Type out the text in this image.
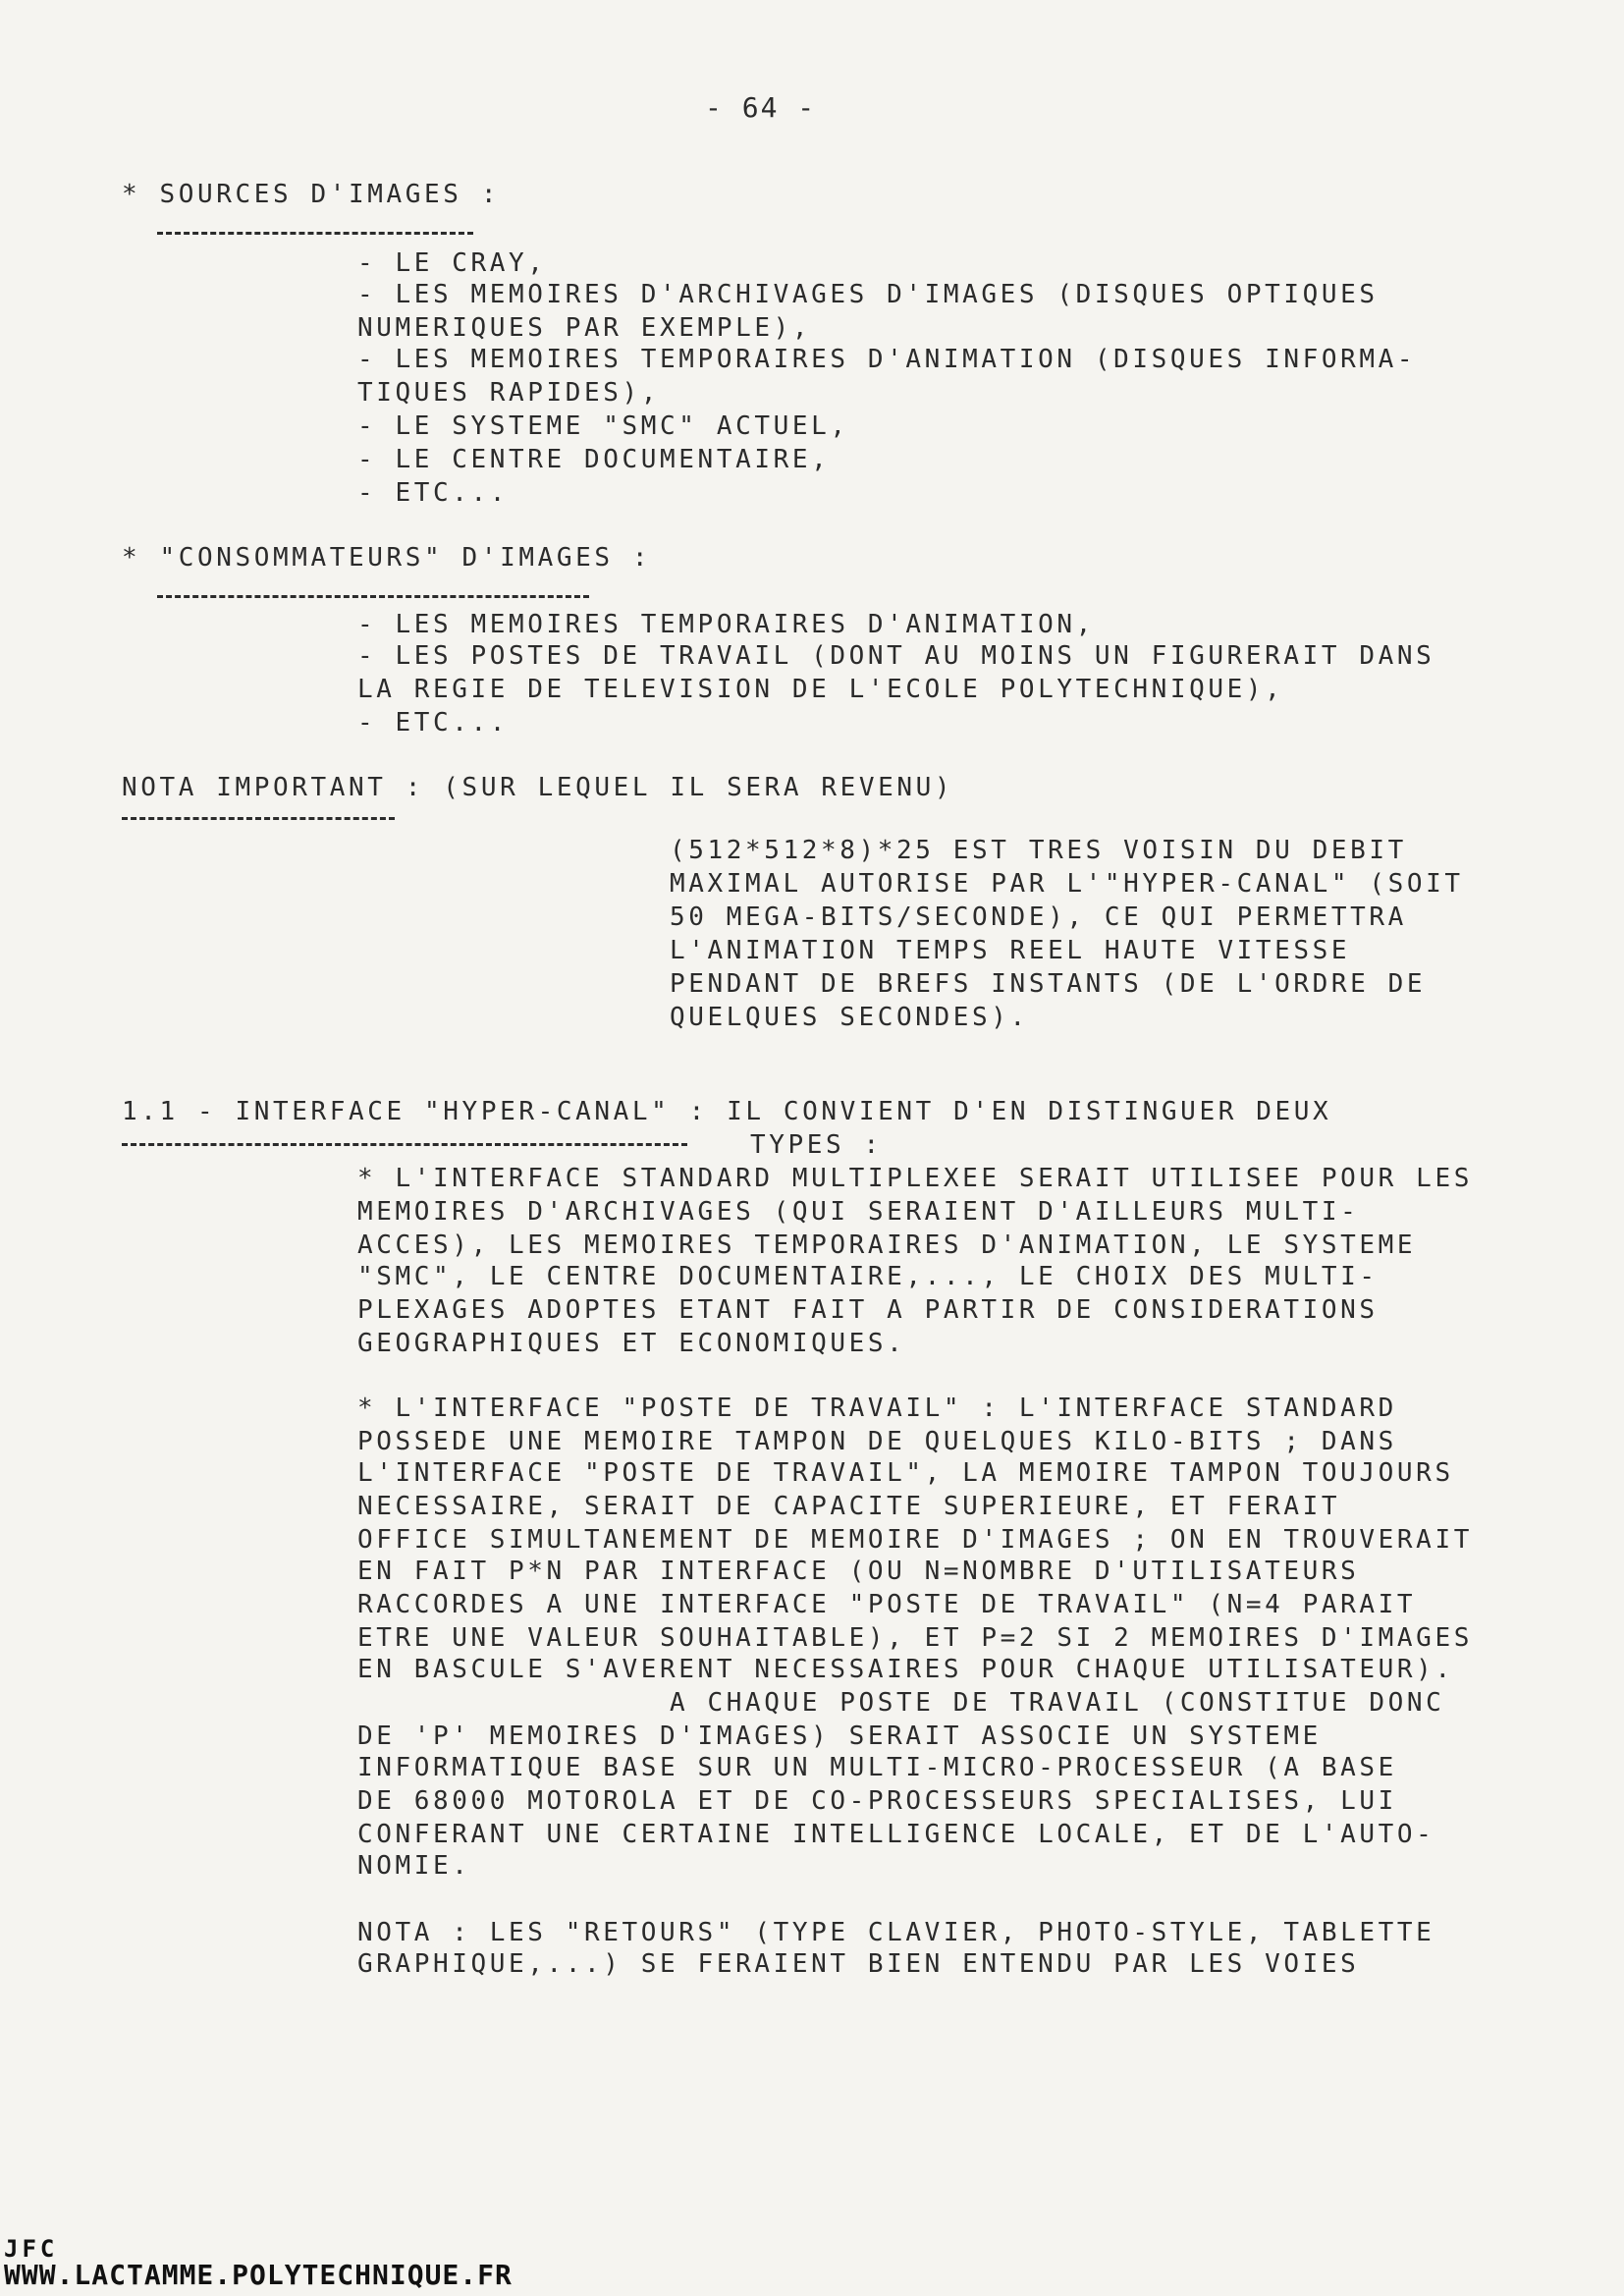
- 64 -
* SOURCES D'IMAGES :
- LE CRAY,
- LES MEMOIRES D'ARCHIVAGES D'IMAGES (DISQUES OPTIQUES
NUMERIQUES PAR EXEMPLE),
- LES MEMOIRES TEMPORAIRES D'ANIMATION (DISQUES INFORMA-
TIQUES RAPIDES),
- LE SYSTEME "SMC" ACTUEL,
- LE CENTRE DOCUMENTAIRE,
- ETC...
* "CONSOMMATEURS" D'IMAGES :
- LES MEMOIRES TEMPORAIRES D'ANIMATION,
- LES POSTES DE TRAVAIL (DONT AU MOINS UN FIGURERAIT DANS
LA REGIE DE TELEVISION DE L'ECOLE POLYTECHNIQUE),
- ETC...
NOTA IMPORTANT : (SUR LEQUEL IL SERA REVENU)
(512*512*8)*25 EST TRES VOISIN DU DEBIT
MAXIMAL AUTORISE PAR L'"HYPER-CANAL" (SOIT
50 MEGA-BITS/SECONDE), CE QUI PERMETTRA
L'ANIMATION TEMPS REEL HAUTE VITESSE
PENDANT DE BREFS INSTANTS (DE L'ORDRE DE
QUELQUES SECONDES).
1.1 - INTERFACE "HYPER-CANAL" : IL CONVIENT D'EN DISTINGUER DEUX
TYPES :
* L'INTERFACE STANDARD MULTIPLEXEE SERAIT UTILISEE POUR LES
MEMOIRES D'ARCHIVAGES (QUI SERAIENT D'AILLEURS MULTI-
ACCES), LES MEMOIRES TEMPORAIRES D'ANIMATION, LE SYSTEME
"SMC", LE CENTRE DOCUMENTAIRE,..., LE CHOIX DES MULTI-
PLEXAGES ADOPTES ETANT FAIT A PARTIR DE CONSIDERATIONS
GEOGRAPHIQUES ET ECONOMIQUES.
* L'INTERFACE "POSTE DE TRAVAIL" : L'INTERFACE STANDARD
POSSEDE UNE MEMOIRE TAMPON DE QUELQUES KILO-BITS ; DANS
L'INTERFACE "POSTE DE TRAVAIL", LA MEMOIRE TAMPON TOUJOURS
NECESSAIRE, SERAIT DE CAPACITE SUPERIEURE, ET FERAIT
OFFICE SIMULTANEMENT DE MEMOIRE D'IMAGES ; ON EN TROUVERAIT
EN FAIT P*N PAR INTERFACE (OU N=NOMBRE D'UTILISATEURS
RACCORDES A UNE INTERFACE "POSTE DE TRAVAIL" (N=4 PARAIT
ETRE UNE VALEUR SOUHAITABLE), ET P=2 SI 2 MEMOIRES D'IMAGES
EN BASCULE S'AVERENT NECESSAIRES POUR CHAQUE UTILISATEUR).
A CHAQUE POSTE DE TRAVAIL (CONSTITUE DONC
DE 'P' MEMOIRES D'IMAGES) SERAIT ASSOCIE UN SYSTEME
INFORMATIQUE BASE SUR UN MULTI-MICRO-PROCESSEUR (A BASE
DE 68000 MOTOROLA ET DE CO-PROCESSEURS SPECIALISES, LUI
CONFERANT UNE CERTAINE INTELLIGENCE LOCALE, ET DE L'AUTO-
NOMIE.
NOTA : LES "RETOURS" (TYPE CLAVIER, PHOTO-STYLE, TABLETTE
GRAPHIQUE,...) SE FERAIENT BIEN ENTENDU PAR LES VOIES
JFC
WWW.LACTAMME.POLYTECHNIQUE.FR
